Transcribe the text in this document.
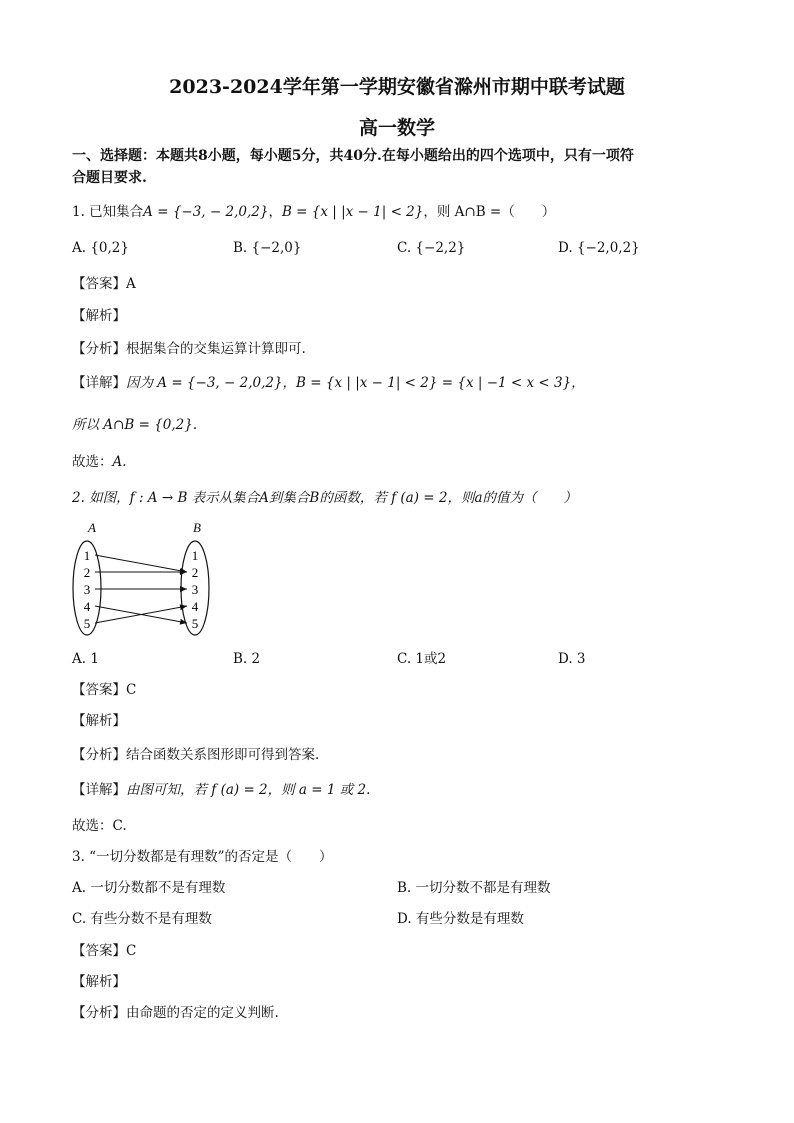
2023-2024学年第一学期安徽省滁州市期中联考试题
高一数学
一、选择题：本题共8小题，每小题5分，共40分.在每小题给出的四个选项中，只有一项符
合题目要求.
1. 已知集合A = {−3, − 2,0,2}，B = {x | |x − 1| < 2}，则 A∩B =（　　）
A. {0,2}	B. {−2,0}	C. {−2,2}	D. {−2,0,2}
【答案】A
【解析】
【分析】根据集合的交集运算计算即可.
【详解】因为 A = {−3, − 2,0,2}，B = {x | |x − 1| < 2} = {x | −1 < x < 3}，
所以 A∩B = {0,2}.
故选：A.
2. 如图，f : A → B 表示从集合A到集合B的函数，若 f (a) = 2，则a的值为（　　）
A	B
1
2
3
4
5
1
2
3
4
5
A. 1	B. 2	C. 1或2	D. 3
【答案】C
【解析】
【分析】结合函数关系图形即可得到答案.
【详解】由图可知，若 f (a) = 2，则 a = 1 或 2.
故选：C.
3. “一切分数都是有理数”的否定是（　　）
A. 一切分数都不是有理数	B. 一切分数不都是有理数
C. 有些分数不是有理数	D. 有些分数是有理数
【答案】C
【解析】
【分析】由命题的否定的定义判断.
